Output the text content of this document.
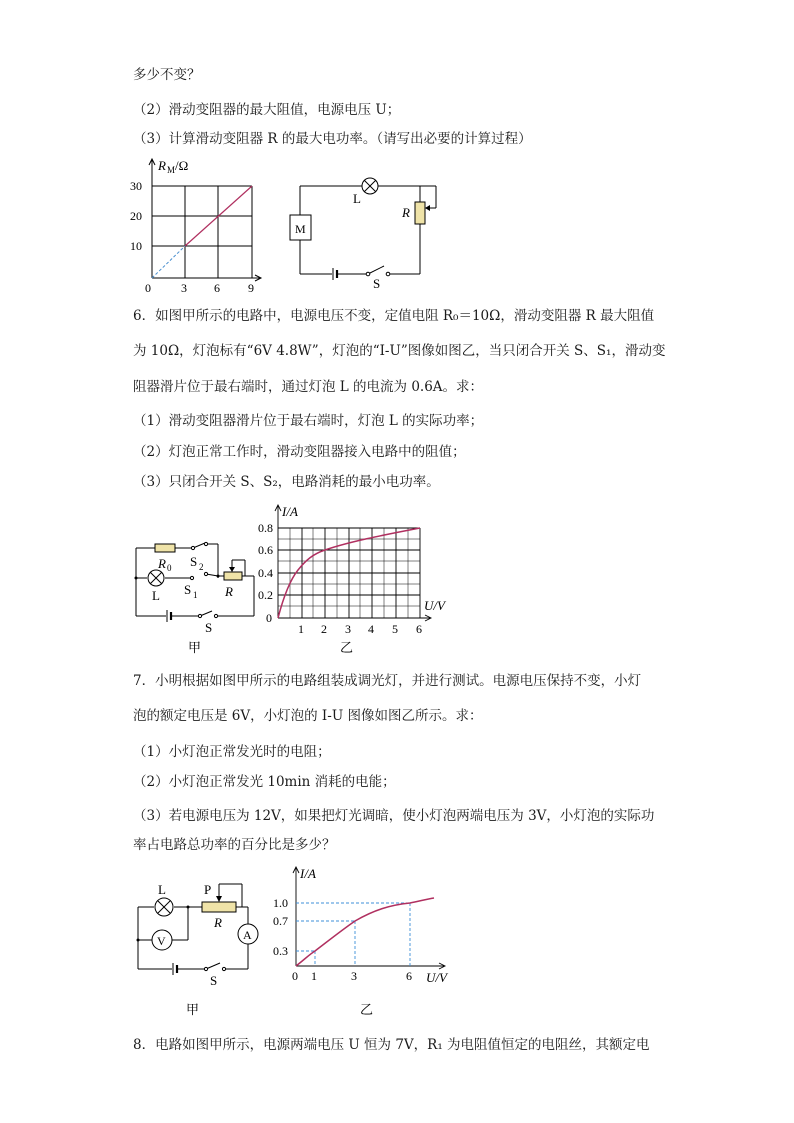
多少不变？
（2）滑动变阻器的最大阻值，电源电压 U；
（3）计算滑动变阻器 R 的最大电功率。（请写出必要的计算过程）
R M /Ω
30
20
10
0	3 6 9
M
L
R
S
6．如图甲所示的电路中，电源电压不变，定值电阻 R₀＝10Ω，滑动变阻器 R 最大阻值
为 10Ω，灯泡标有“6V 4.8W”，灯泡的“I-U”图像如图乙，当只闭合开关 S、S₁，滑动变
阻器滑片位于最右端时，通过灯泡 L 的电流为 0.6A。求：
（1）滑动变阻器滑片位于最右端时，灯泡 L 的实际功率；
（2）灯泡正常工作时，滑动变阻器接入电路中的阻值；
（3）只闭合开关 S、S₂，电路消耗的最小电功率。
R 0 S 2
S 1
L	R
S
甲
I/A
0.8
0.6
0.4
0.2
0
1 2 3 4 5 6
U/V
乙
7．小明根据如图甲所示的电路组装成调光灯，并进行测试。电源电压保持不变，小灯
泡的额定电压是 6V，小灯泡的 I-U 图像如图乙所示。求：
（1）小灯泡正常发光时的电阻；
（2）小灯泡正常发光 10min 消耗的电能；
（3）若电源电压为 12V，如果把灯光调暗，使小灯泡两端电压为 3V，小灯泡的实际功
率占电路总功率的百分比是多少？
L	P
R
V	A
S
甲
I/A
1.0
0.7
0.3
0 1	3	6 U/V
乙
8．电路如图甲所示，电源两端电压 U 恒为 7V，R₁ 为电阻值恒定的电阻丝，其额定电
